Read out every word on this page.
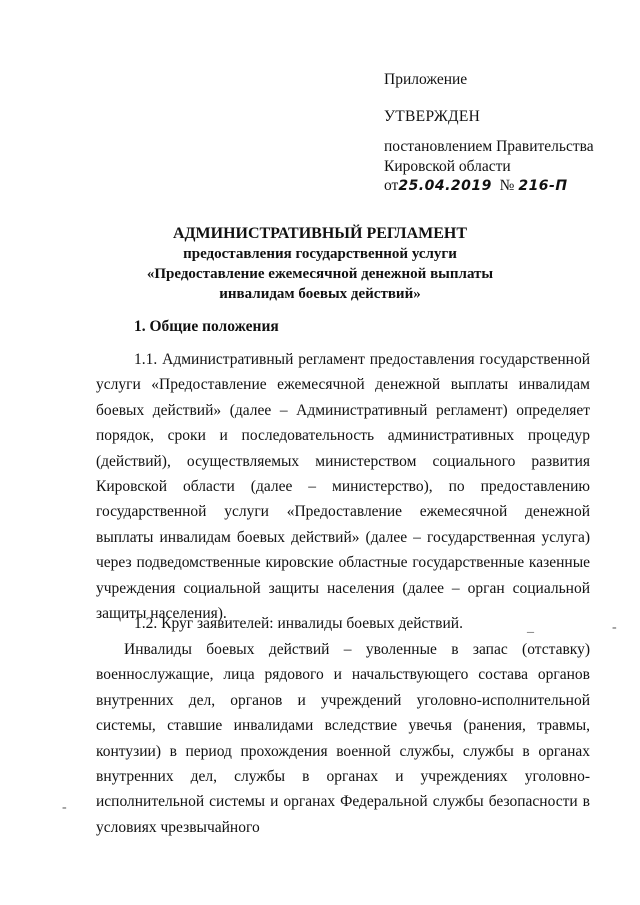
Приложение
УТВЕРЖДЕН
постановлением Правительства
Кировской области
от25.04.2019 № 216-П
АДМИНИСТРАТИВНЫЙ РЕГЛАМЕНТ
предоставления государственной услуги
«Предоставление ежемесячной денежной выплаты
инвалидам боевых действий»
1. Общие положения
1.1. Административный регламент предоставления государственной услуги «Предоставление ежемесячной денежной выплаты инвалидам боевых действий» (далее – Административный регламент) определяет порядок, сроки и последовательность административных процедур (действий), осуществляемых министерством социального развития Кировской области (далее – министерство), по предоставлению государственной услуги «Предоставление ежемесячной денежной выплаты инвалидам боевых действий» (далее – государственная услуга) через подведомственные кировские областные государственные казенные учреждения социальной защиты населения (далее – орган социальной защиты населения).
1.2. Круг заявителей: инвалиды боевых действий.
Инвалиды боевых действий – уволенные в запас (отставку) военнослужащие, лица рядового и начальствующего состава органов внутренних дел, органов и учреждений уголовно-исполнительной системы, ставшие инвалидами вследствие увечья (ранения, травмы, контузии) в период прохождения военной службы, службы в органах внутренних дел, службы в органах и учреждениях уголовно-исполнительной системы и органах Федеральной службы безопасности в условиях чрезвычайного
_	-
-
